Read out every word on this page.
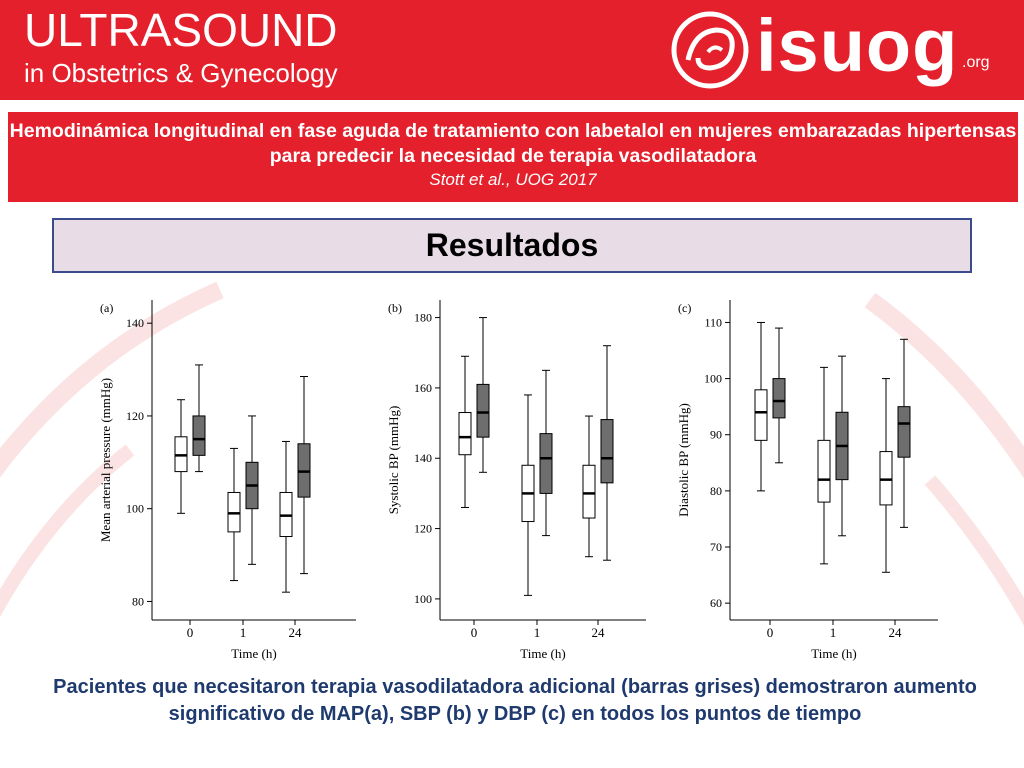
ULTRASOUND
in Obstetrics & Gynecology	isuog .org
Hemodinámica longitudinal en fase aguda de tratamiento con labetalol en mujeres embarazadas hipertensas para predecir la necesidad de terapia vasodilatadora
Stott et al., UOG 2017
Resultados
80
100
120
140
0	1	24
(a)
Time (h)
Mean arterial pressure (mmHg)
100
120
140
160
180
0	1	24
(b)
Time (h)
Systolic BP (mmHg)
60
70
80
90
100
110
0	1	24
(c)
Time (h)
Diastolic BP (mmHg)
Pacientes que necesitaron terapia vasodilatadora adicional (barras grises) demostraron aumento significativo de MAP(a), SBP (b) y DBP (c) en todos los puntos de tiempo
